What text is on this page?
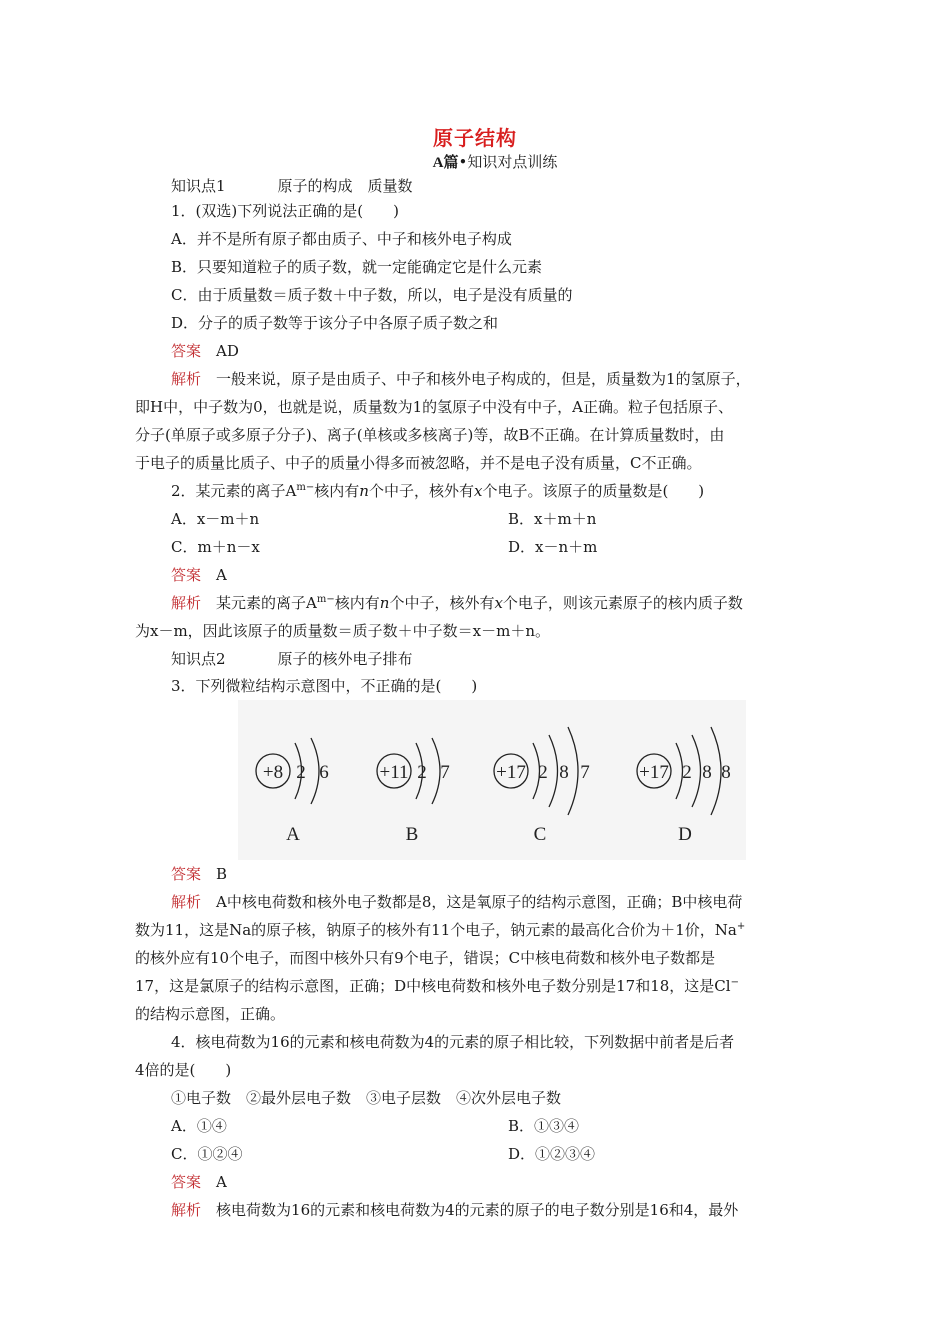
原子结构
A篇•知识对点训练
知识点1	原子的构成　质量数
1．(双选)下列说法正确的是(　　)
A．并不是所有原子都由质子、中子和核外电子构成
B．只要知道粒子的质子数，就一定能确定它是什么元素
C．由于质量数＝质子数＋中子数，所以，电子是没有质量的
D．分子的质子数等于该分子中各原子质子数之和
答案　 AD
解析　 一般来说，原子是由质子、中子和核外电子构成的，但是，质量数为1的氢原子，
即H中，中子数为0，也就是说，质量数为1的氢原子中没有中子，A正确。粒子包括原子、
分子(单原子或多原子分子)、离子(单核或多核离子)等，故B不正确。在计算质量数时，由
于电子的质量比质子、中子的质量小得多而被忽略，并不是电子没有质量，C不正确。
2．某元素的离子$A^{m-}$核内有n个中子，核外有x个电子。该原子的质量数是(　　)
A．x－m＋n	B．x＋m＋n
C．m＋n－x	D．x－n＋m
答案　 A
解析　 某元素的离子$A^{m-}$核内有n个中子，核外有x个电子，则该元素原子的核内质子数
为x－m，因此该原子的质量数＝质子数＋中子数＝x－m＋n。
知识点2	原子的核外电子排布
3．下列微粒结构示意图中，不正确的是(　　)
+8 2 6
A
+11 2 7
B
+17 2 8 7
C
+17 2 8 8
D
答案　 B
解析　 A中核电荷数和核外电子数都是8，这是氧原子的结构示意图，正确；B中核电荷
数为11，这是Na的原子核，钠原子的核外有11个电子，钠元素的最高化合价为＋1价，Na+
的核外应有10个电子，而图中核外只有9个电子，错误；C中核电荷数和核外电子数都是
17，这是氯原子的结构示意图，正确；D中核电荷数和核外电子数分别是17和18，这是Cl−
的结构示意图，正确。
4．核电荷数为16的元素和核电荷数为4的元素的原子相比较，下列数据中前者是后者
4倍的是(　　)
①电子数　②最外层电子数　③电子层数　④次外层电子数
A．①④	B．①③④
C．①②④	D．①②③④
答案　 A
解析　 核电荷数为16的元素和核电荷数为4的元素的原子的电子数分别是16和4，最外
